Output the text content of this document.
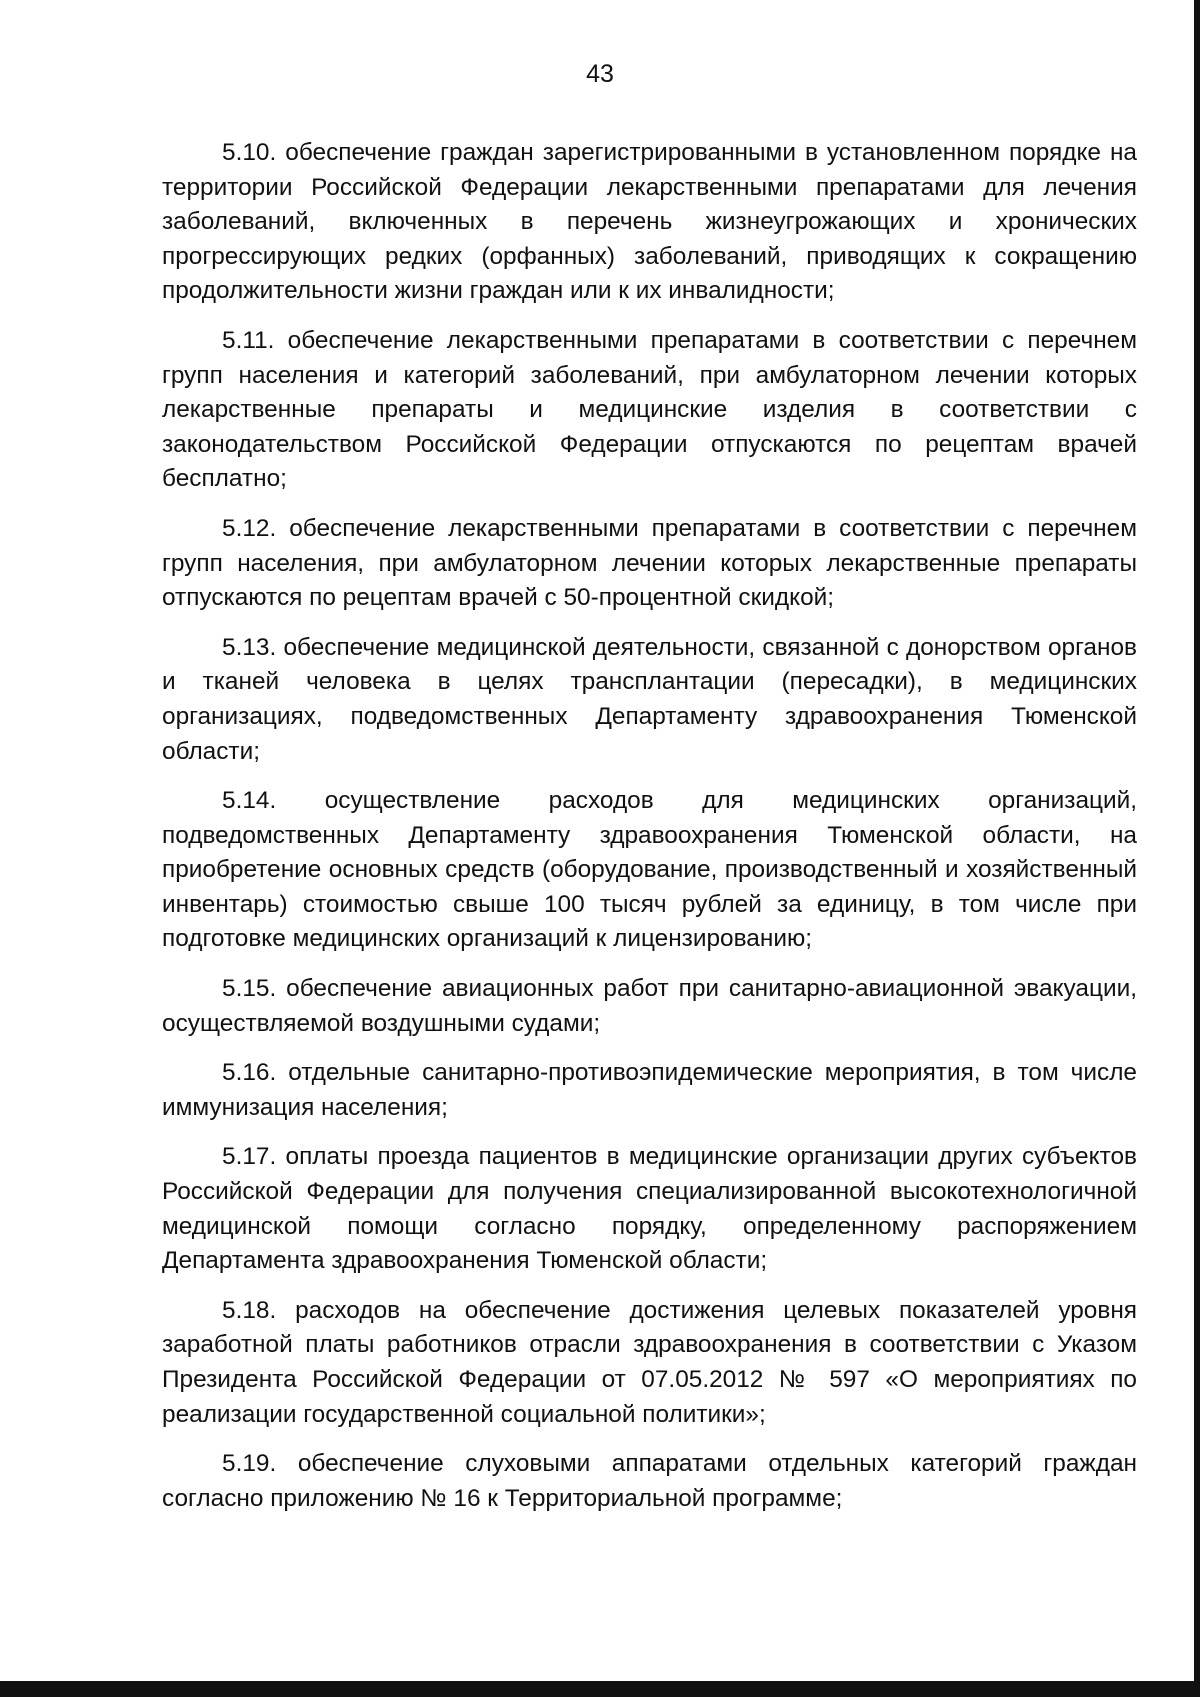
43

5.10. обеспечение граждан зарегистрированными в установленном порядке на территории Российской Федерации лекарственными препаратами для лечения заболеваний, включенных в перечень жизнеугрожающих и хронических прогрессирующих редких (орфанных) заболеваний, приводящих к сокращению продолжительности жизни граждан или к их инвалидности;

5.11. обеспечение лекарственными препаратами в соответствии с перечнем групп населения и категорий заболеваний, при амбулаторном лечении которых лекарственные препараты и медицинские изделия в соответствии с законодательством Российской Федерации отпускаются по рецептам врачей бесплатно;

5.12. обеспечение лекарственными препаратами в соответствии с перечнем групп населения, при амбулаторном лечении которых лекарственные препараты отпускаются по рецептам врачей с 50-процентной скидкой;

5.13. обеспечение медицинской деятельности, связанной с донорством органов и тканей человека в целях трансплантации (пересадки), в медицинских организациях, подведомственных Департаменту здравоохранения Тюменской области;

5.14. осуществление расходов для медицинских организаций, подведомственных Департаменту здравоохранения Тюменской области, на приобретение основных средств (оборудование, производственный и хозяйственный инвентарь) стоимостью свыше 100 тысяч рублей за единицу, в том числе при подготовке медицинских организаций к лицензированию;

5.15. обеспечение авиационных работ при санитарно-авиационной эвакуации, осуществляемой воздушными судами;

5.16. отдельные санитарно-противоэпидемические мероприятия, в том числе иммунизация населения;

5.17. оплаты проезда пациентов в медицинские организации других субъектов Российской Федерации для получения специализированной высокотехнологичной медицинской помощи согласно порядку, определенному распоряжением Департамента здравоохранения Тюменской области;

5.18. расходов на обеспечение достижения целевых показателей уровня заработной платы работников отрасли здравоохранения в соответствии с Указом Президента Российской Федерации от 07.05.2012 № 597 «О мероприятиях по реализации государственной социальной политики»;

5.19. обеспечение слуховыми аппаратами отдельных категорий граждан согласно приложению № 16 к Территориальной программе;
